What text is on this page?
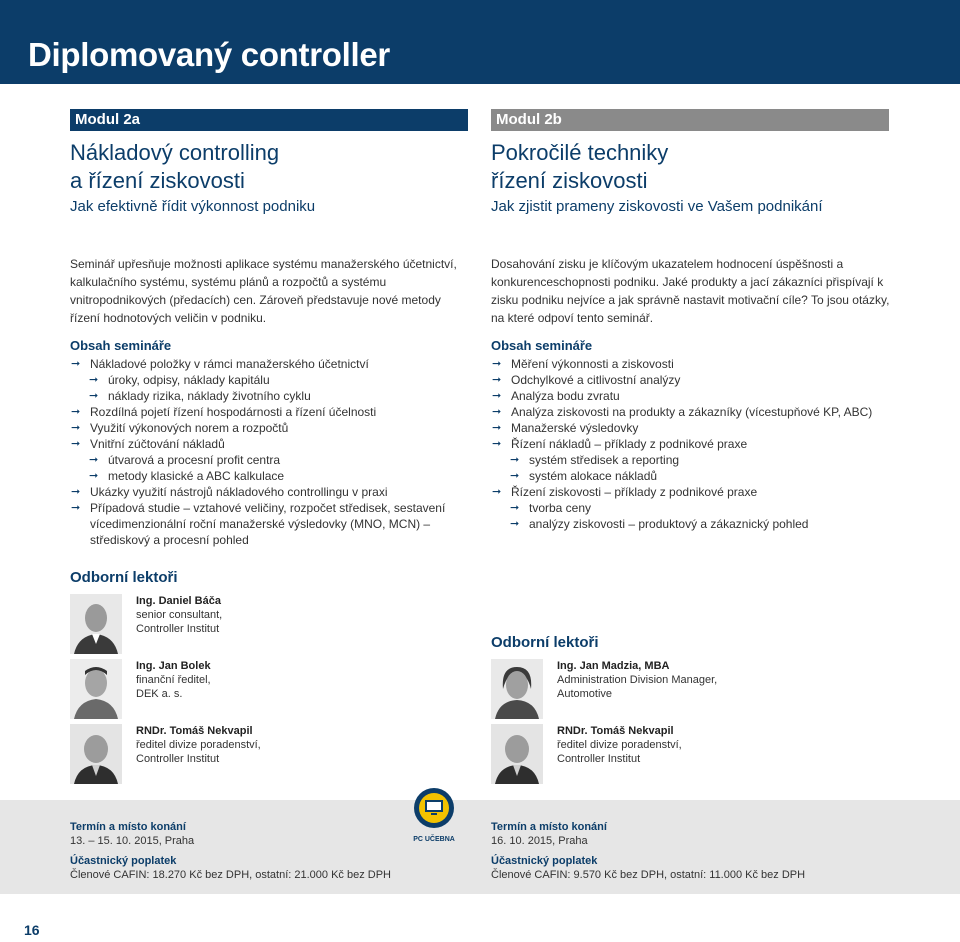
Diplomovaný controller
Modul 2a
Nákladový controlling
a řízení ziskovosti
Jak efektivně řídit výkonnost podniku
Modul 2b
Pokročilé techniky
řízení ziskovosti
Jak zjistit prameny ziskovosti ve Vašem podnikání
Seminář upřesňuje možnosti aplikace systému manažerského účetnictví, kalkulačního systému, systému plánů a rozpočtů a systému vnitropodnikových (předacích) cen. Zároveň představuje nové metody řízení hodnotových veličin v podniku.
Obsah semináře
➞ Nákladové položky v rámci manažerského účetnictví
➞ úroky, odpisy, náklady kapitálu
➞ náklady rizika, náklady životního cyklu
➞ Rozdílná pojetí řízení hospodárnosti a řízení účelnosti
➞ Využití výkonových norem a rozpočtů
➞ Vnitřní zúčtování nákladů
➞ útvarová a procesní profit centra
➞ metody klasické a ABC kalkulace
➞ Ukázky využití nástrojů nákladového controllingu v praxi
➞ Případová studie – vztahové veličiny, rozpočet středisek, sestavení vícedimenzionální roční manažerské výsledovky (MNO, MCN) – střediskový a procesní pohled
Dosahování zisku je klíčovým ukazatelem hodnocení úspěšnosti a konkurenceschopnosti podniku. Jaké produkty a jací zákazníci přispívají k zisku podniku nejvíce a jak správně nastavit motivační cíle? To jsou otázky, na které odpoví tento seminář.
Obsah semináře
➞ Měření výkonnosti a ziskovosti
➞ Odchylkové a citlivostní analýzy
➞ Analýza bodu zvratu
➞ Analýza ziskovosti na produkty a zákazníky (vícestupňové KP, ABC)
➞ Manažerské výsledovky
➞ Řízení nákladů – příklady z podnikové praxe
➞ systém středisek a reporting
➞ systém alokace nákladů
➞ Řízení ziskovosti – příklady z podnikové praxe
➞ tvorba ceny
➞ analýzy ziskovosti – produktový a zákaznický pohled
Odborní lektoři
Ing. Daniel Báča
senior consultant,
Controller Institut
Ing. Jan Bolek
finanční ředitel,
DEK a. s.
RNDr. Tomáš Nekvapil
ředitel divize poradenství,
Controller Institut
Odborní lektoři
Ing. Jan Madzia, MBA
Administration Division Manager,
Automotive
RNDr. Tomáš Nekvapil
ředitel divize poradenství,
Controller Institut
Termín a místo konání
13. – 15. 10. 2015, Praha
Účastnický poplatek
Členové CAFIN: 18.270 Kč bez DPH, ostatní: 21.000 Kč bez DPH
Termín a místo konání
16. 10. 2015, Praha
Účastnický poplatek
Členové CAFIN: 9.570 Kč bez DPH, ostatní: 11.000 Kč bez DPH
PC UČEBNA
16
